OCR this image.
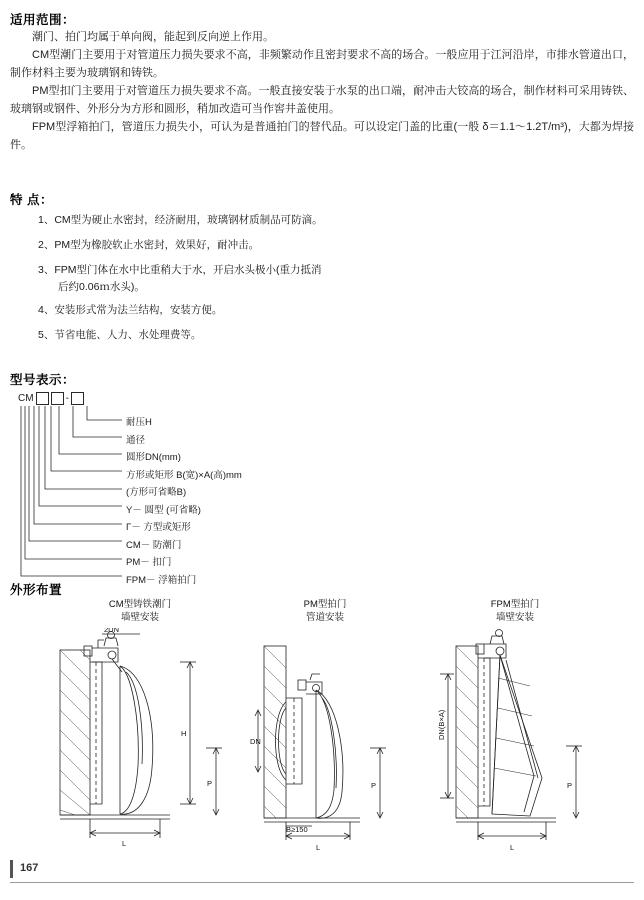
适用范围：
潮门、拍门均属于单向阀，能起到反向逆上作用。
CM型潮门主要用于对管道压力损失要求不高，非频繁动作且密封要求不高的场合。一般应用于江河沿岸，市排水管道出口，制作材料主要为玻璃钢和铸铁。
PM型扣门主要用于对管道压力损失要求不高。一般直接安装于水泵的出口端，耐冲击大铰高的场合，制作材料可采用铸铁、玻璃钢或钢件、外形分为方形和圆形，稍加改造可当作窖井盖使用。
FPM型浮箱拍门，管道压力损失小，可认为是普通拍门的替代品。可以设定门盖的比重(一般 δ＝1.1～1.2T/m³)，大都为焊接件。
特 点：
1、CM型为硬止水密封，经济耐用，玻璃钢材质制品可防滴。
2、PM型为橡胶软止水密封，效果好，耐冲击。
3、FPM型门体在水中比重稍大于水，开启水头极小(重力抵消
后约0.06ｍ水头)。
4、安装形式常为法兰结构，安装方便。
5、节省电能、人力、水处理费等。
型号表示：
CM	-
耐压H
通径
圆形DN(mm)
方形或矩形 B(宽)×A(高)mm
(方形可省略B)
Y－ 圆型 (可省略)
Γ－ 方型或矩形
CM－ 防潮门
PM－ 扣门
FPM－ 浮箱拍门
外形布置
CM型铸铁潮门
墙壁安装
2DN
H
P
L
PM型拍门
管道安装
DN
P
B≥150
L
FPM型拍门
墙壁安装
DN(B×A)
P
L
167
